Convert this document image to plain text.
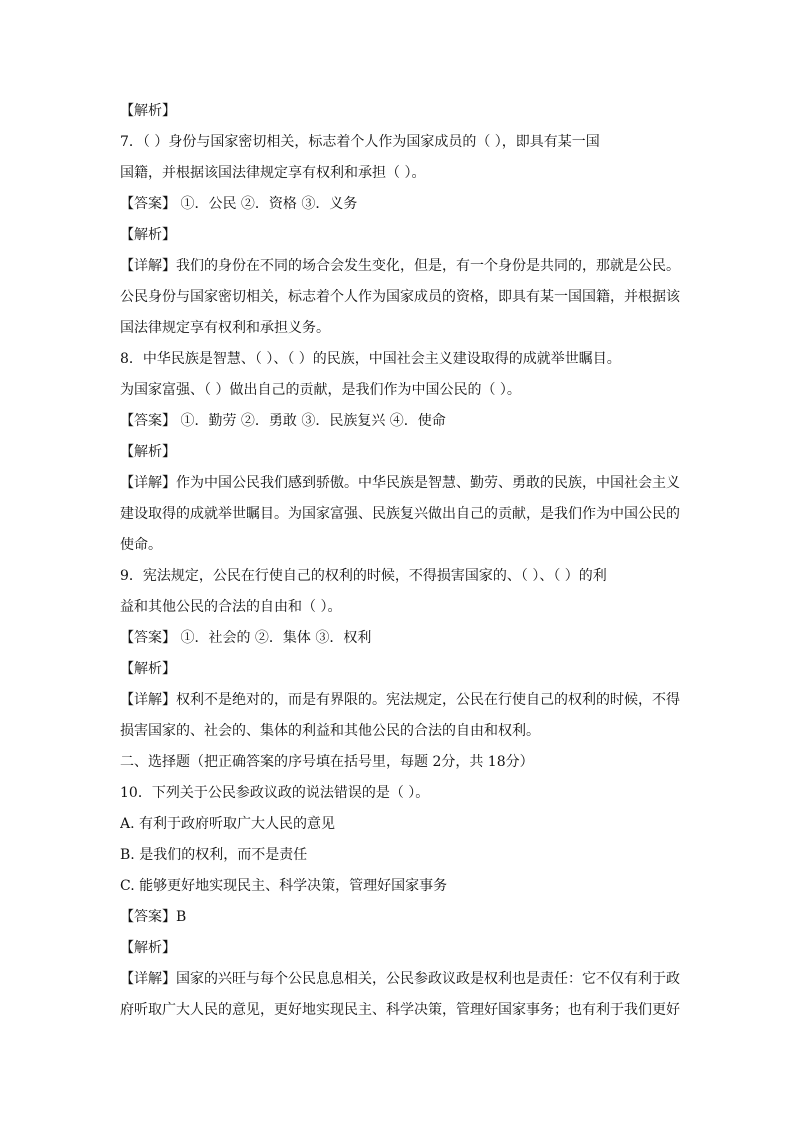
【解析】
7．（ ）身份与国家密切相关，标志着个人作为国家成员的（ ），即具有某一国
国籍，并根据该国法律规定享有权利和承担（ ）。
【答案】 ①．公民 ②．资格 ③．义务
【解析】
【详解】我们的身份在不同的场合会发生变化，但是，有一个身份是共同的，那就是公民。
公民身份与国家密切相关，标志着个人作为国家成员的资格，即具有某一国国籍，并根据该
国法律规定享有权利和承担义务。
8．中华民族是智慧、（ ）、（ ）的民族，中国社会主义建设取得的成就举世瞩目。
为国家富强、（ ）做出自己的贡献，是我们作为中国公民的（ ）。
【答案】 ①．勤劳 ②．勇敢 ③．民族复兴 ④．使命
【解析】
【详解】作为中国公民我们感到骄傲。中华民族是智慧、勤劳、勇敢的民族，中国社会主义
建设取得的成就举世瞩目。为国家富强、民族复兴做出自己的贡献，是我们作为中国公民的
使命。
9．宪法规定，公民在行使自己的权利的时候，不得损害国家的、（ ）、（ ）的利
益和其他公民的合法的自由和（ ）。
【答案】 ①．社会的 ②．集体 ③．权利
【解析】
【详解】权利不是绝对的，而是有界限的。宪法规定，公民在行使自己的权利的时候，不得
损害国家的、社会的、集体的利益和其他公民的合法的自由和权利。
二、选择题（把正确答案的序号填在括号里，每题 2分，共 18分）
10．下列关于公民参政议政的说法错误的是（ ）。
A. 有利于政府听取广大人民的意见
B. 是我们的权利，而不是责任
C. 能够更好地实现民主、科学决策，管理好国家事务
【答案】B
【解析】
【详解】国家的兴旺与每个公民息息相关，公民参政议政是权利也是责任：它不仅有利于政
府听取广大人民的意见，更好地实现民主、科学决策，管理好国家事务；也有利于我们更好
